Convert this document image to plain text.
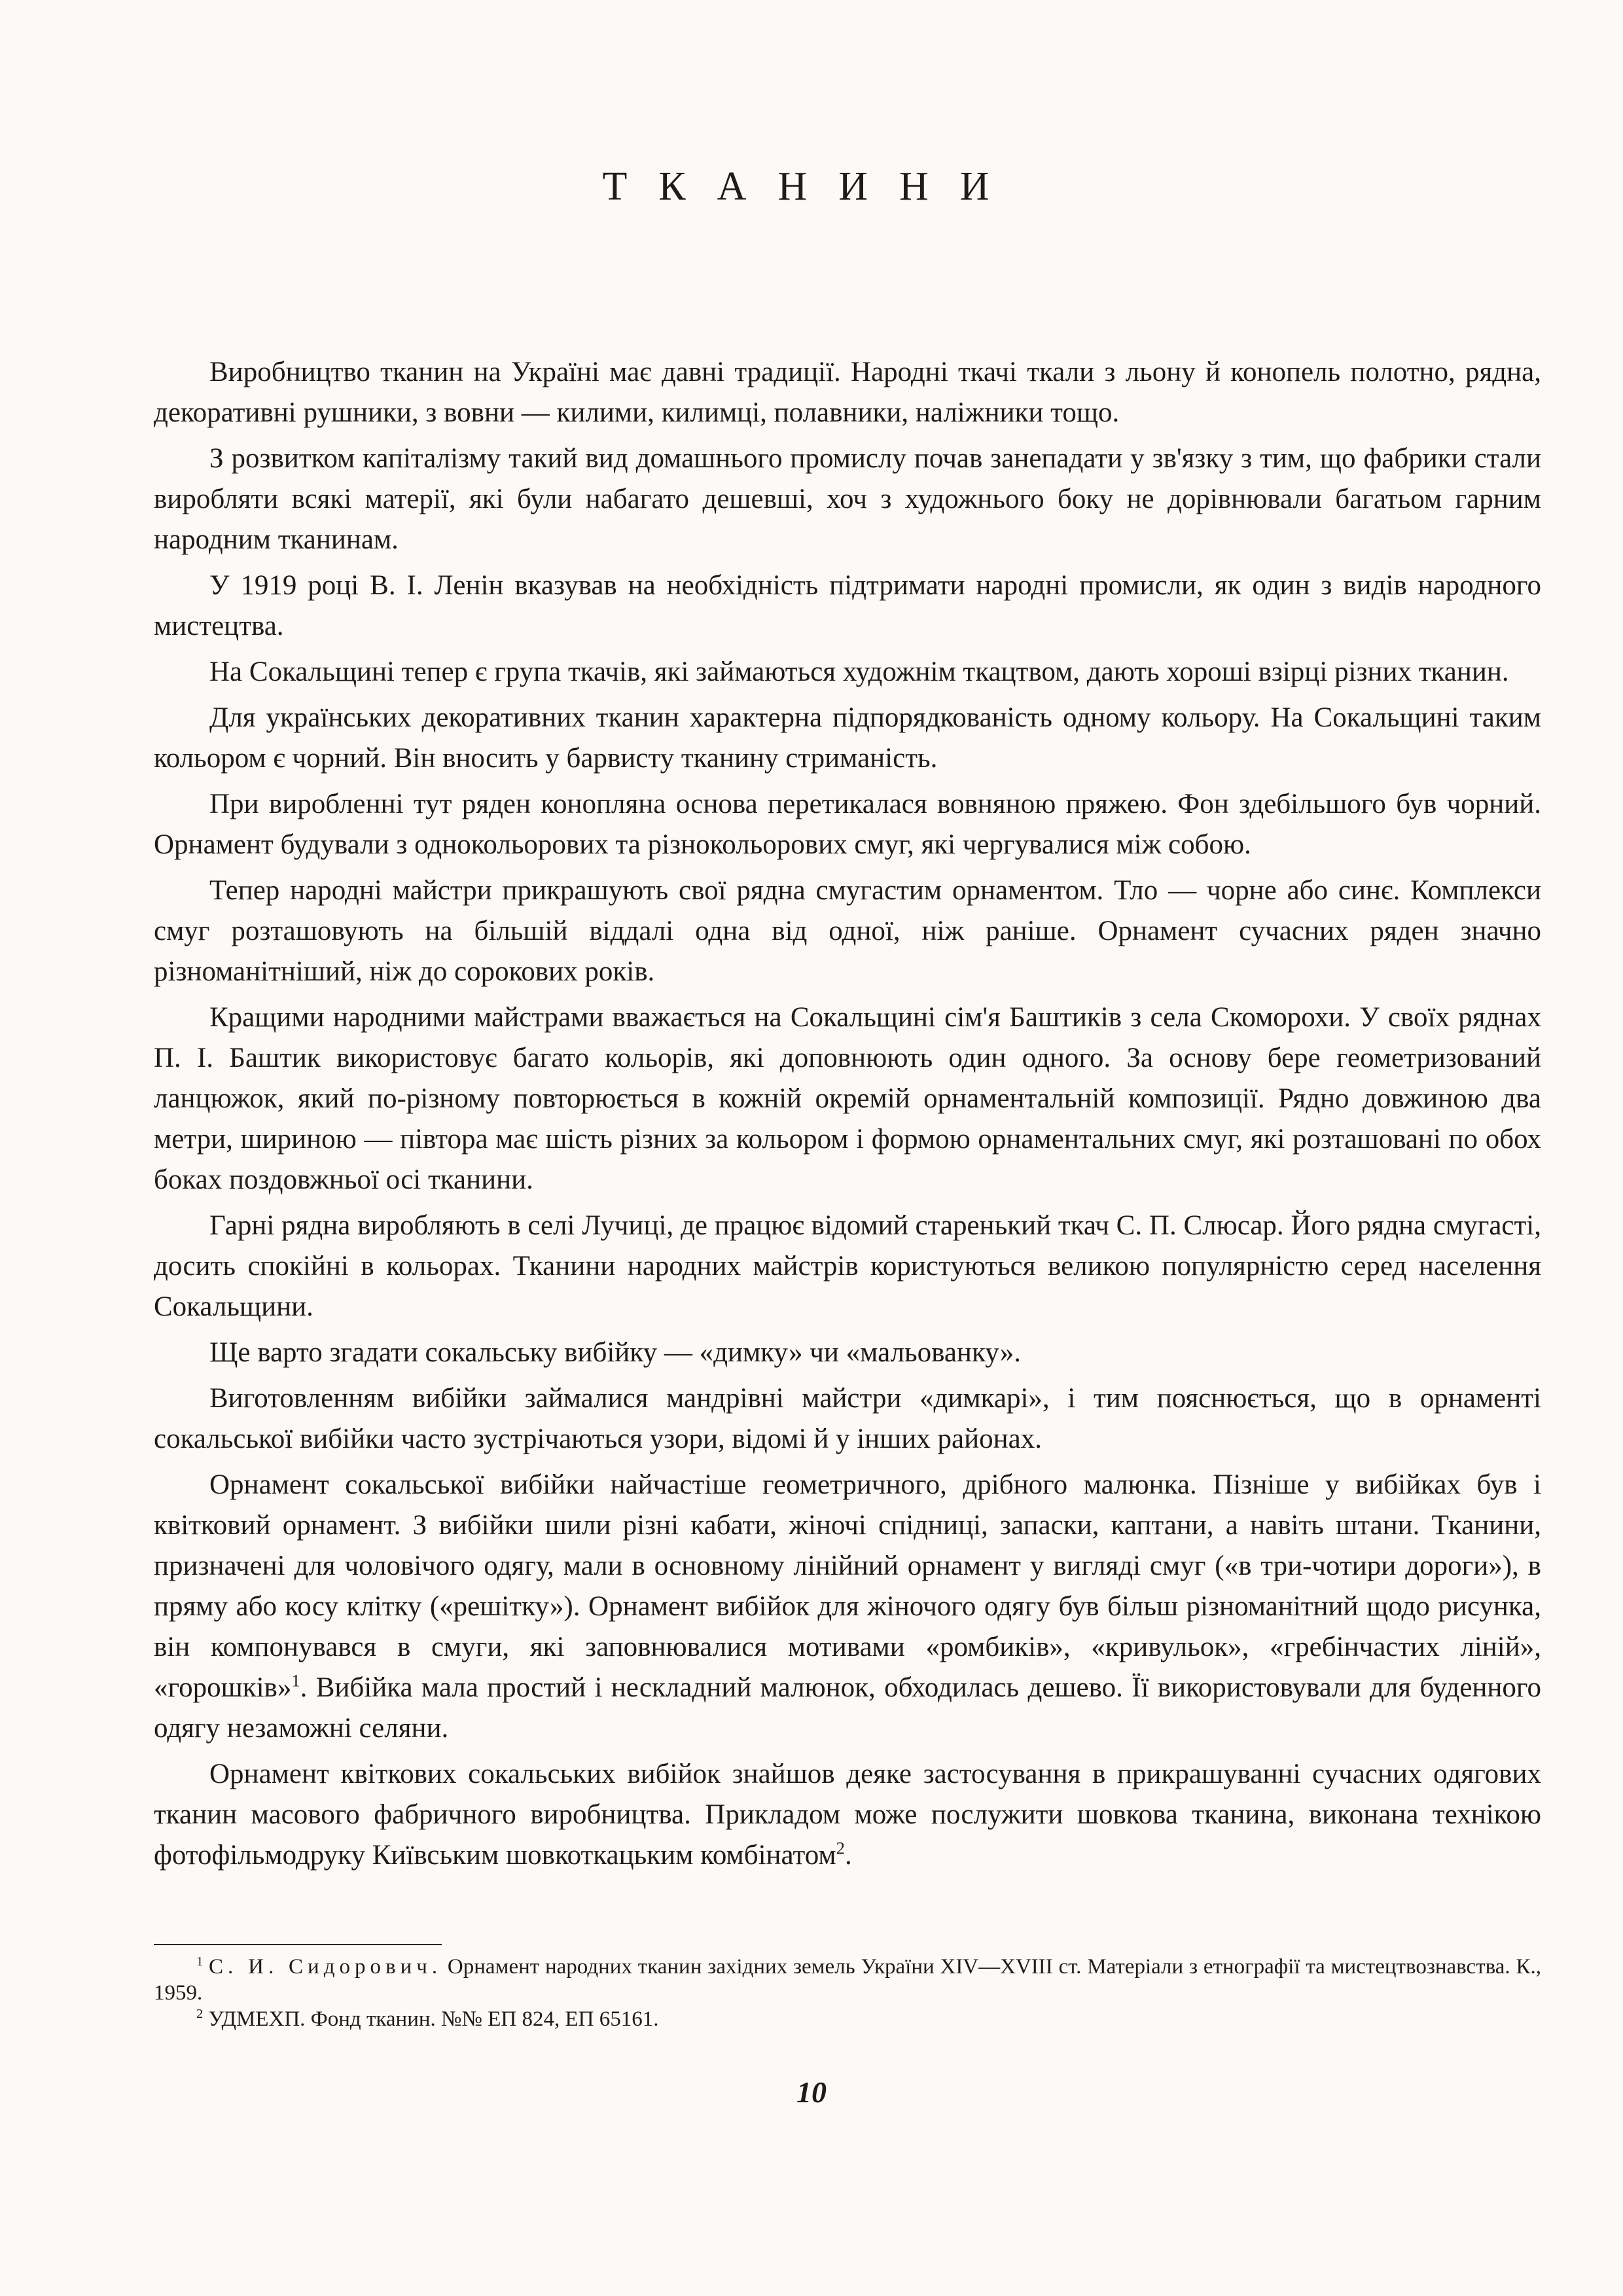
ТКАНИНИ

Виробництво тканин на Україні має давні традиції. Народні ткачі ткали з льону й конопель полотно, рядна, декоративні рушники, з вовни — килими, килимці, полавники, наліжники тощо.

З розвитком капіталізму такий вид домашнього промислу почав занепадати у зв'язку з тим, що фабрики стали виробляти всякі матерії, які були набагато дешевші, хоч з художнього боку не дорівнювали багатьом гарним народним тканинам.

У 1919 році В. І. Ленін вказував на необхідність підтримати народні промисли, як один з видів народного мистецтва.

На Сокальщині тепер є група ткачів, які займаються художнім ткацтвом, дають хороші взірці різних тканин.

Для українських декоративних тканин характерна підпорядкованість одному кольору. На Сокальщині таким кольором є чорний. Він вносить у барвисту тканину стриманість.

При виробленні тут ряден конопляна основа перетикалася вовняною пряжею. Фон здебільшого був чорний. Орнамент будували з однокольорових та різнокольорових смуг, які чергувалися між собою.

Тепер народні майстри прикрашують свої рядна смугастим орнаментом. Тло — чорне або синє. Комплекси смуг розташовують на більшій віддалі одна від одної, ніж раніше. Орнамент сучасних ряден значно різноманітніший, ніж до сорокових років.

Кращими народними майстрами вважається на Сокальщині сім'я Баштиків з села Скоморохи. У своїх ряднах П. І. Баштик використовує багато кольорів, які доповнюють один одного. За основу бере геометризований ланцюжок, який по-різному повторюється в кожній окремій орнаментальній композиції. Рядно довжиною два метри, шириною — півтора має шість різних за кольором і формою орнаментальних смуг, які розташовані по обох боках поздовжньої осі тканини.

Гарні рядна виробляють в селі Лучиці, де працює відомий старенький ткач С. П. Слюсар. Його рядна смугасті, досить спокійні в кольорах. Тканини народних майстрів користуються великою популярністю серед населення Сокальщини.

Ще варто згадати сокальську вибійку — «димку» чи «мальованку».

Виготовленням вибійки займалися мандрівні майстри «димкарі», і тим пояснюється, що в орнаменті сокальської вибійки часто зустрічаються узори, відомі й у інших районах.

Орнамент сокальської вибійки найчастіше геометричного, дрібного малюнка. Пізніше у вибійках був і квітковий орнамент. З вибійки шили різні кабати, жіночі спідниці, запаски, каптани, а навіть штани. Тканини, призначені для чоловічого одягу, мали в основному лінійний орнамент у вигляді смуг («в три-чотири дороги»), в пряму або косу клітку («решітку»). Орнамент вибійок для жіночого одягу був більш різноманітний щодо рисунка, він компонувався в смуги, які заповнювалися мотивами «ромбиків», «кривульок», «гребінчастих ліній», «горошків»$^1$. Вибійка мала простий і нескладний малюнок, обходилась дешево. Її використовували для буденного одягу незаможні селяни.

Орнамент квіткових сокальських вибійок знайшов деяке застосування в прикрашуванні сучасних одягових тканин масового фабричного виробництва. Прикладом може послужити шовкова тканина, виконана технікою фотофільмодруку Київським шовкоткацьким комбінатом$^2$.

$^1$ С. И. Сидорович. Орнамент народних тканин західних земель України XIV—XVIII ст. Матеріали з етнографії та мистецтвознавства. К., 1959.

$^2$ УДМЕХП. Фонд тканин. №№ ЕП 824, ЕП 65161.

10
